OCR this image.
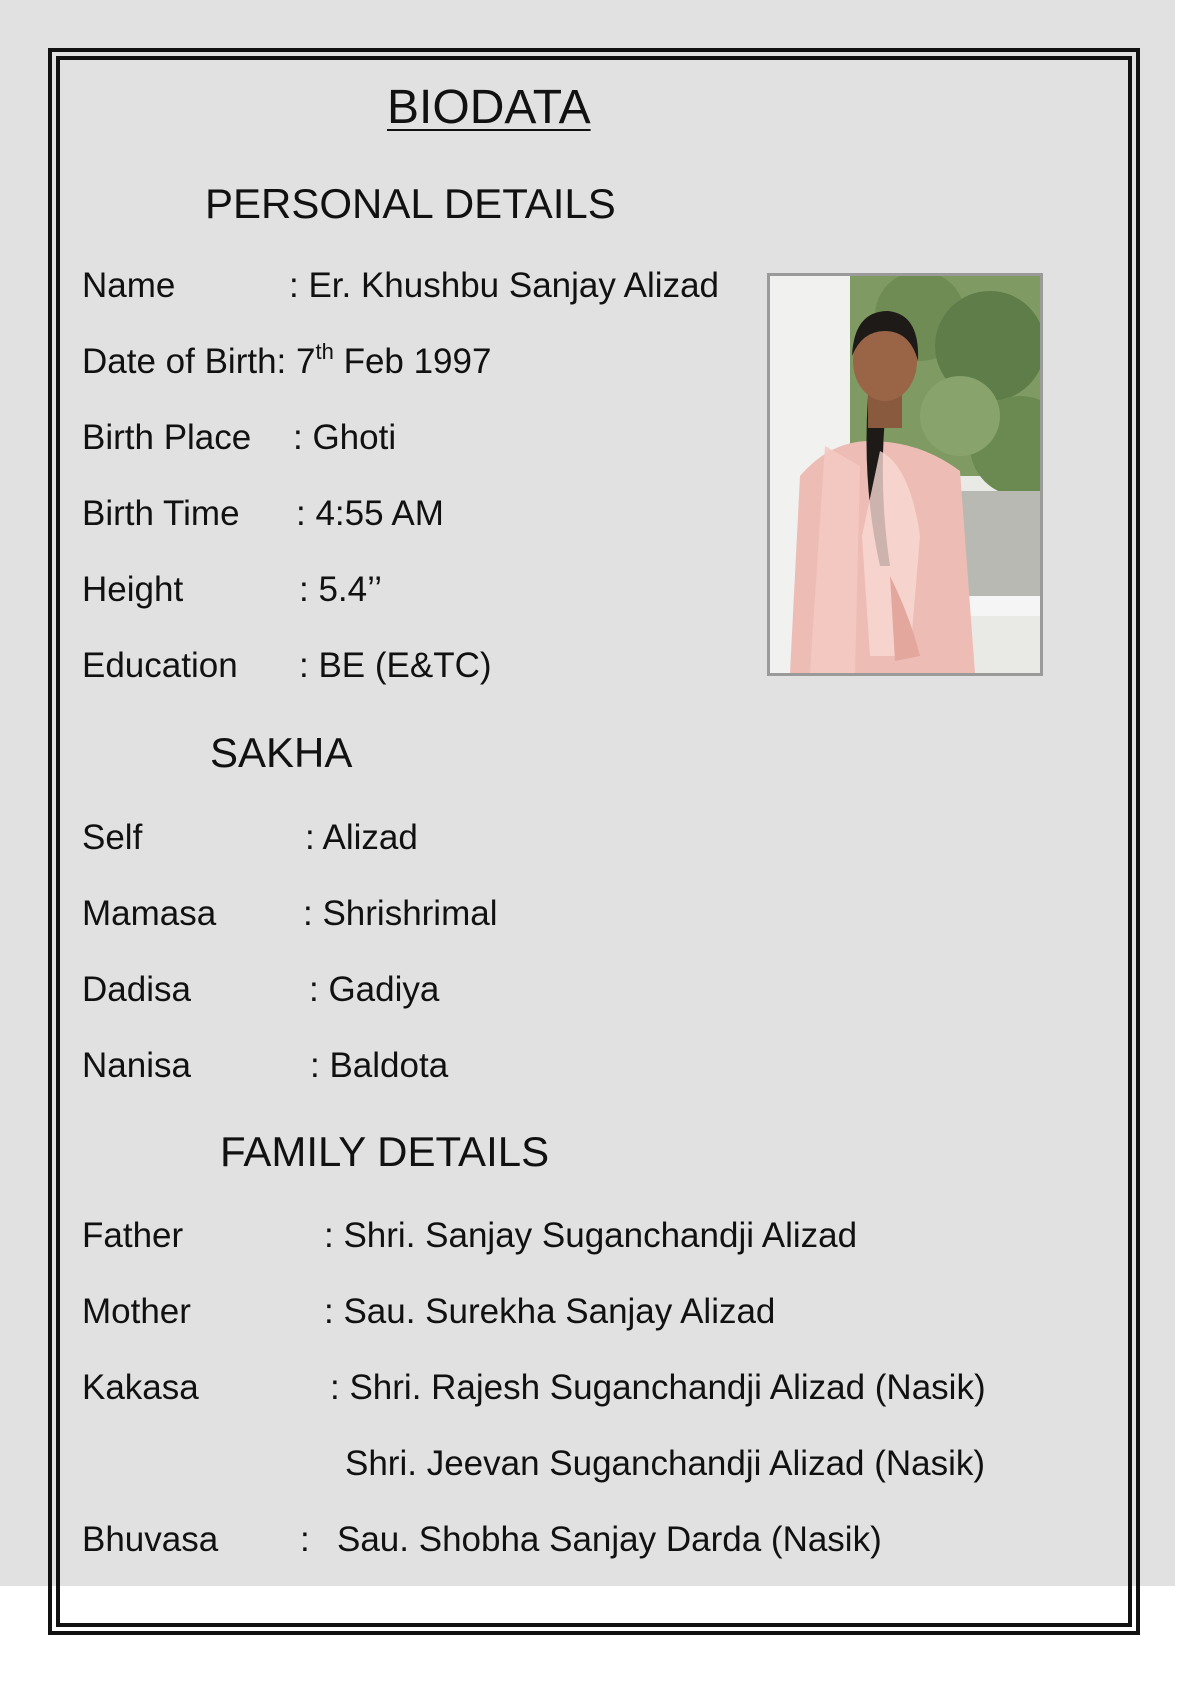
BIODATA
PERSONAL DETAILS
Name	: Er. Khushbu Sanjay Alizad
Date of Birth: 7th Feb 1997
Birth Place : Ghoti
Birth Time : 4:55 AM
Height	: 5.4’’
Education : BE (E&TC)
SAKHA
Self	: Alizad
Mamasa : Shrishrimal
Dadisa	: Gadiya
Nanisa	: Baldota
FAMILY DETAILS
Father	: Shri. Sanjay Suganchandji Alizad
Mother	: Sau. Surekha Sanjay Alizad
Kakasa	: Shri. Rajesh Suganchandji Alizad (Nasik)
Shri. Jeevan Suganchandji Alizad (Nasik)
Bhuvasa : Sau. Shobha Sanjay Darda (Nasik)
